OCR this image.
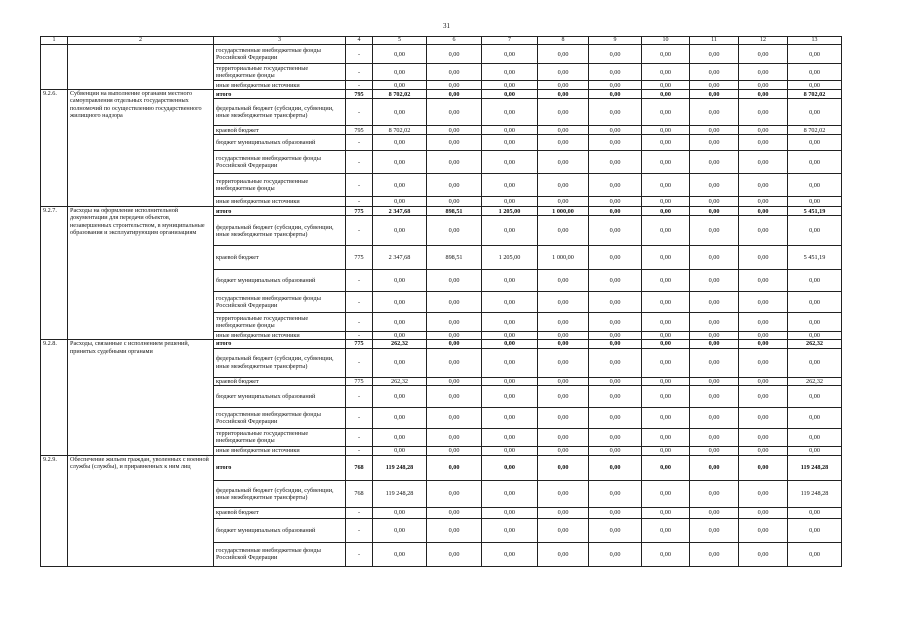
31
1	2	3	4	5	6	7	8	9	10	11	12	13
		государственные внебюджетные фонды Российской Федерации	-	0,00	0,00	0,00	0,00	0,00	0,00	0,00	0,00	0,00
		территориальные государственные внебюджетные фонды	-	0,00	0,00	0,00	0,00	0,00	0,00	0,00	0,00	0,00
		иные внебюджетные источники	-	0,00	0,00	0,00	0,00	0,00	0,00	0,00	0,00	0,00
9.2.6.	Субвенции на выполнение органами местного самоуправления отдельных государственных полномочий по осуществлению государственного жилищного надзора	итого	795	8 702,02	0,00	0,00	0,00	0,00	0,00	0,00	0,00	8 702,02
		федеральный бюджет (субсидии, субвенции, иные межбюджетные трансферты)	-	0,00	0,00	0,00	0,00	0,00	0,00	0,00	0,00	0,00
		краевой бюджет	795	8 702,02	0,00	0,00	0,00	0,00	0,00	0,00	0,00	8 702,02
		бюджет муниципальных образований	-	0,00	0,00	0,00	0,00	0,00	0,00	0,00	0,00	0,00
		государственные внебюджетные фонды Российской Федерации	-	0,00	0,00	0,00	0,00	0,00	0,00	0,00	0,00	0,00
		территориальные государственные внебюджетные фонды	-	0,00	0,00	0,00	0,00	0,00	0,00	0,00	0,00	0,00
		иные внебюджетные источники	-	0,00	0,00	0,00	0,00	0,00	0,00	0,00	0,00	0,00
9.2.7.	Расходы на оформление исполнительной документации для передачи объектов, незавершенных строительством, в муниципальные образования и эксплуатирующим организациям	итого	775	2 347,68	898,51	1 205,00	1 000,00	0,00	0,00	0,00	0,00	5 451,19
		федеральный бюджет (субсидии, субвенции, иные межбюджетные трансферты)	-	0,00	0,00	0,00	0,00	0,00	0,00	0,00	0,00	0,00
		краевой бюджет	775	2 347,68	898,51	1 205,00	1 000,00	0,00	0,00	0,00	0,00	5 451,19
		бюджет муниципальных образований	-	0,00	0,00	0,00	0,00	0,00	0,00	0,00	0,00	0,00
		государственные внебюджетные фонды Российской Федерации	-	0,00	0,00	0,00	0,00	0,00	0,00	0,00	0,00	0,00
		территориальные государственные внебюджетные фонды	-	0,00	0,00	0,00	0,00	0,00	0,00	0,00	0,00	0,00
		иные внебюджетные источники	-	0,00	0,00	0,00	0,00	0,00	0,00	0,00	0,00	0,00
9.2.8.	Расходы, связанные с исполнением решений, принятых судебными органами	итого	775	262,32	0,00	0,00	0,00	0,00	0,00	0,00	0,00	262,32
		федеральный бюджет (субсидии, субвенции, иные межбюджетные трансферты)	-	0,00	0,00	0,00	0,00	0,00	0,00	0,00	0,00	0,00
		краевой бюджет	775	262,32	0,00	0,00	0,00	0,00	0,00	0,00	0,00	262,32
		бюджет муниципальных образований	-	0,00	0,00	0,00	0,00	0,00	0,00	0,00	0,00	0,00
		государственные внебюджетные фонды Российской Федерации	-	0,00	0,00	0,00	0,00	0,00	0,00	0,00	0,00	0,00
		территориальные государственные внебюджетные фонды	-	0,00	0,00	0,00	0,00	0,00	0,00	0,00	0,00	0,00
		иные внебюджетные источники	-	0,00	0,00	0,00	0,00	0,00	0,00	0,00	0,00	0,00
9.2.9.	Обеспечение жильем граждан, уволенных с военной службы (службы), и приравненных к ним лиц	итого	768	119 248,28	0,00	0,00	0,00	0,00	0,00	0,00	0,00	119 248,28
		федеральный бюджет (субсидии, субвенции, иные межбюджетные трансферты)	768	119 248,28	0,00	0,00	0,00	0,00	0,00	0,00	0,00	119 248,28
		краевой бюджет	-	0,00	0,00	0,00	0,00	0,00	0,00	0,00	0,00	0,00
		бюджет муниципальных образований	-	0,00	0,00	0,00	0,00	0,00	0,00	0,00	0,00	0,00
		государственные внебюджетные фонды Российской Федерации	-	0,00	0,00	0,00	0,00	0,00	0,00	0,00	0,00	0,00
